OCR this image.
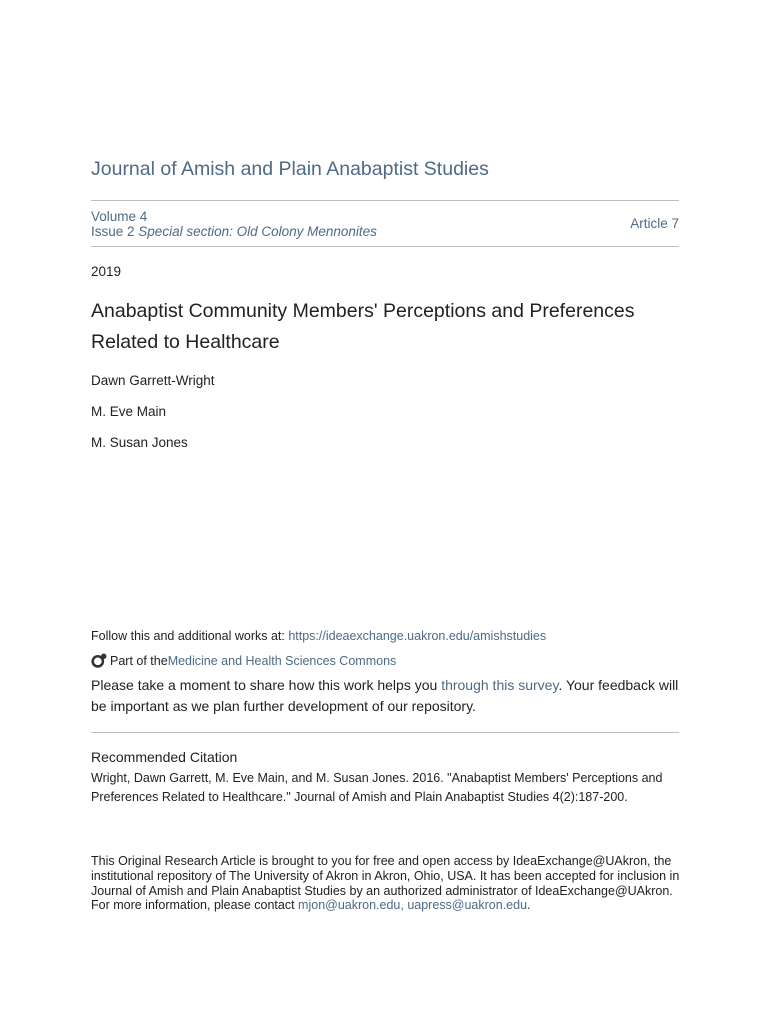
Journal of Amish and Plain Anabaptist Studies
Volume 4
Issue 2 Special section: Old Colony Mennonites
Article 7
2019
Anabaptist Community Members' Perceptions and Preferences
Related to Healthcare
Dawn Garrett-Wright
M. Eve Main
M. Susan Jones
Follow this and additional works at: https://ideaexchange.uakron.edu/amishstudies
Part of the Medicine and Health Sciences Commons
Please take a moment to share how this work helps you through this survey. Your feedback will be important as we plan further development of our repository.
Recommended Citation
Wright, Dawn Garrett, M. Eve Main, and M. Susan Jones. 2016. "Anabaptist Members' Perceptions and Preferences Related to Healthcare." Journal of Amish and Plain Anabaptist Studies 4(2):187-200.
This Original Research Article is brought to you for free and open access by IdeaExchange@UAkron, the institutional repository of The University of Akron in Akron, Ohio, USA. It has been accepted for inclusion in Journal of Amish and Plain Anabaptist Studies by an authorized administrator of IdeaExchange@UAkron. For more information, please contact mjon@uakron.edu, uapress@uakron.edu.
